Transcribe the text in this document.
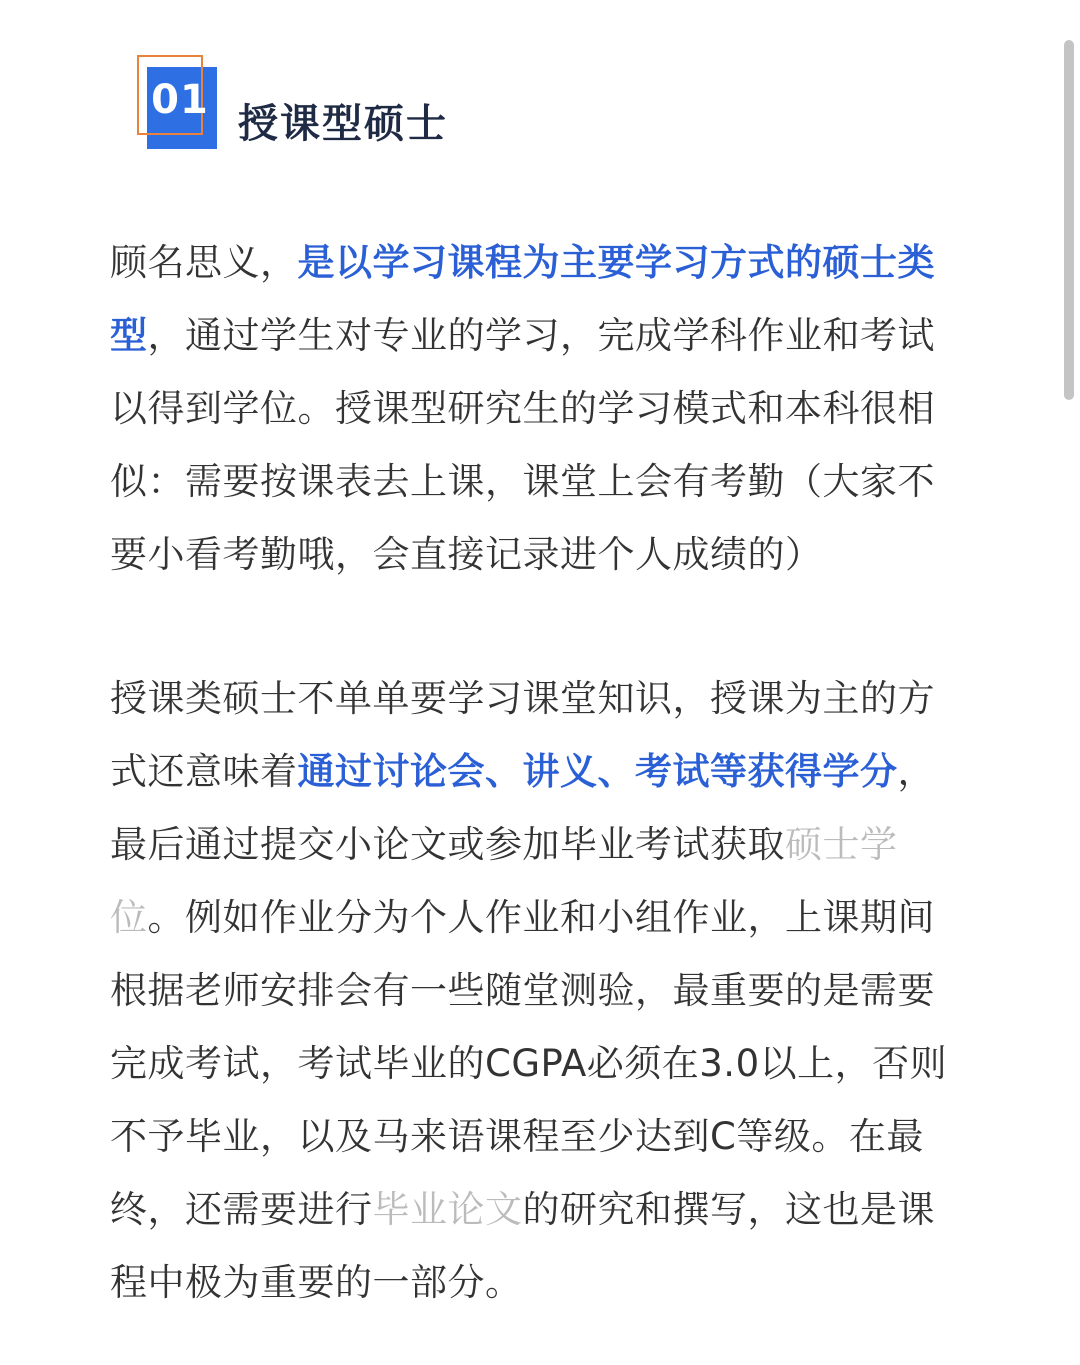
01
授课型硕士

顾名思义，是以学习课程为主要学习方式的硕士类型，通过学生对专业的学习，完成学科作业和考试以得到学位。授课型研究生的学习模式和本科很相似：需要按课表去上课，课堂上会有考勤（大家不要小看考勤哦，会直接记录进个人成绩的）

授课类硕士不单单要学习课堂知识，授课为主的方式还意味着通过讨论会、讲义、考试等获得学分，最后通过提交小论文或参加毕业考试获取硕士学位。例如作业分为个人作业和小组作业，上课期间根据老师安排会有一些随堂测验，最重要的是需要完成考试，考试毕业的CGPA必须在3.0以上，否则不予毕业，以及马来语课程至少达到C等级。在最终，还需要进行毕业论文的研究和撰写，这也是课程中极为重要的一部分。
